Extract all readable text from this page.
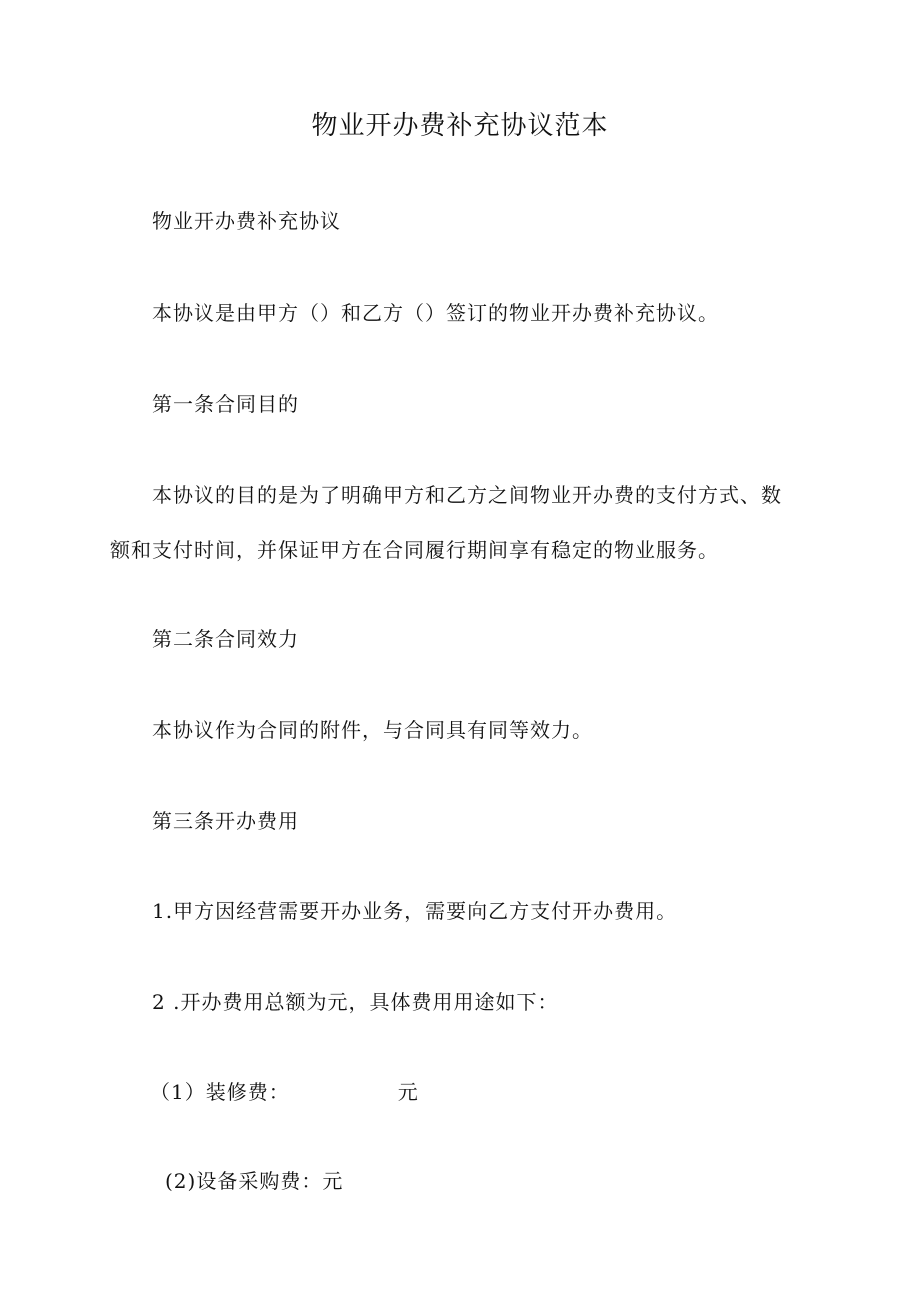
物业开办费补充协议范本
物业开办费补充协议
本协议是由甲方（）和乙方（）签订的物业开办费补充协议。
第一条合同目的
本协议的目的是为了明确甲方和乙方之间物业开办费的支付方式、数
额和支付时间，并保证甲方在合同履行期间享有稳定的物业服务。
第二条合同效力
本协议作为合同的附件，与合同具有同等效力。
第三条开办费用
1.甲方因经营需要开办业务，需要向乙方支付开办费用。
2 .开办费用总额为元，具体费用用途如下：
（1）装修费：	元
(2)设备采购费：元
